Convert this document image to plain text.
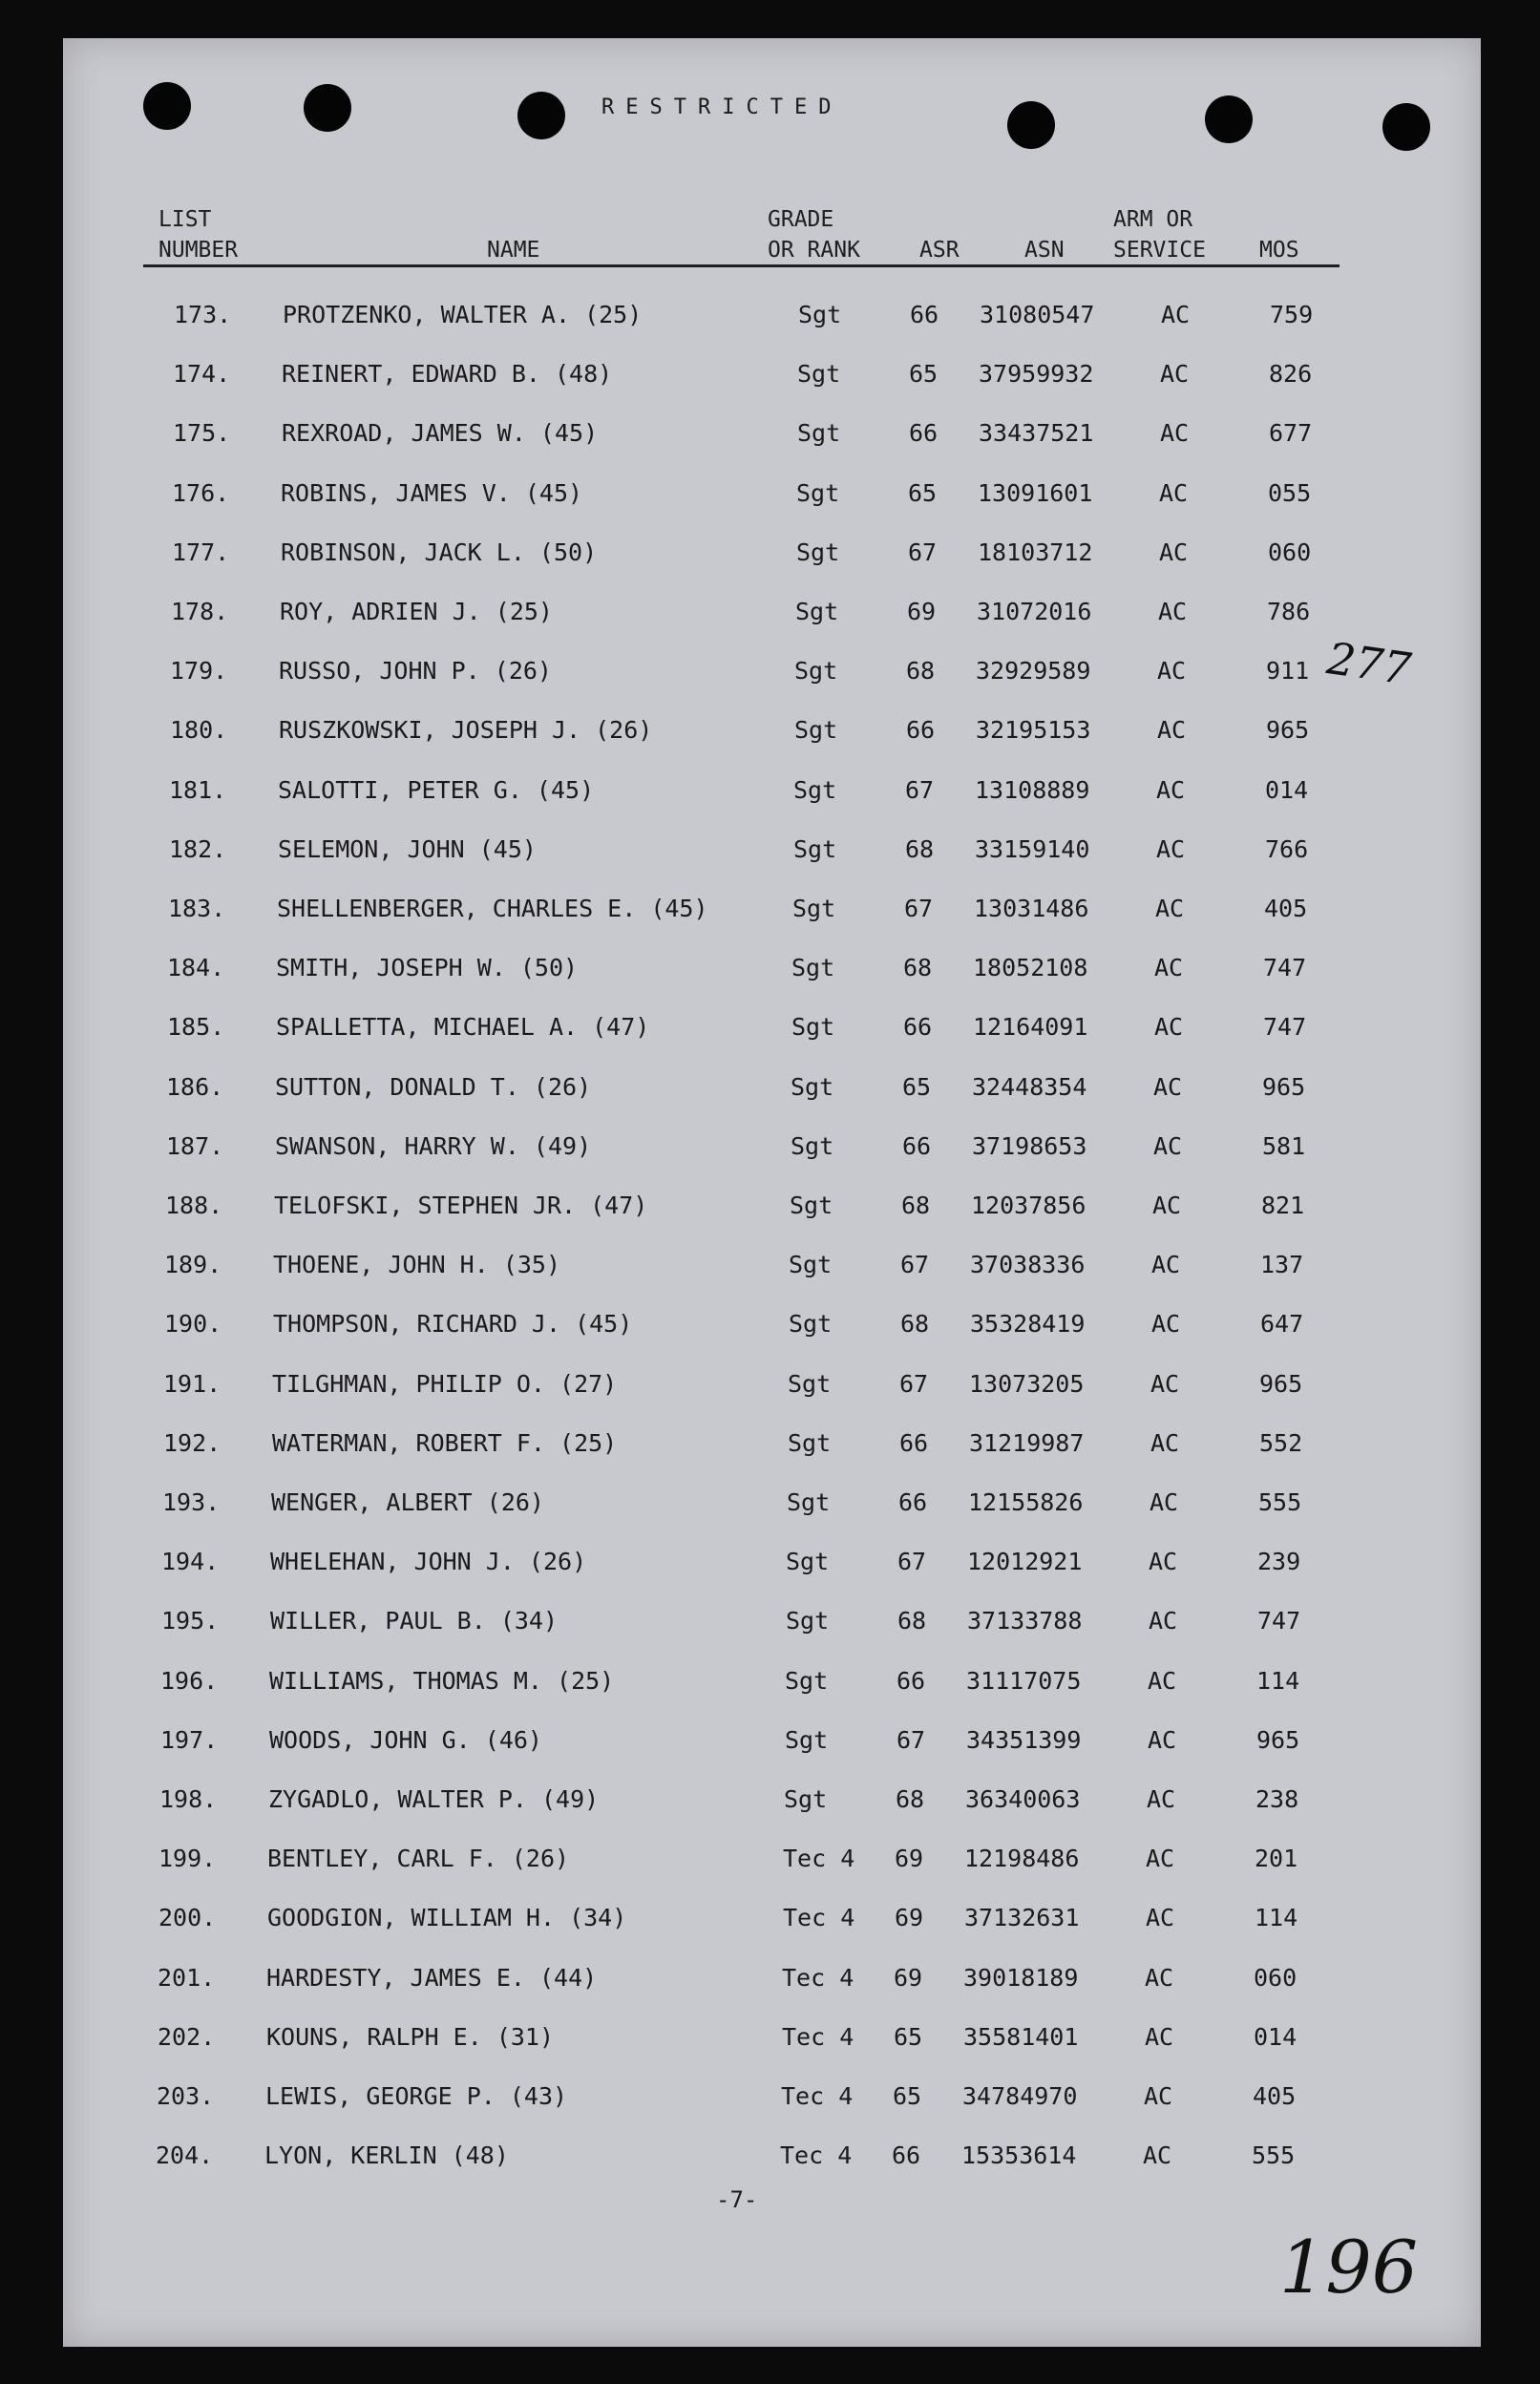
RESTRICTED
LIST
NUMBER	NAME
GRADE
OR RANK	ASR	ASN
ARM OR
SERVICE MOS
173. PROTZENKO, WALTER A. (25)	Sgt	66 31080547	AC	759
174. REINERT, EDWARD B. (48)	Sgt	65 37959932	AC	826
175. REXROAD, JAMES W. (45)	Sgt	66 33437521	AC	677
176. ROBINS, JAMES V. (45)	Sgt	65 13091601	AC	055
177. ROBINSON, JACK L. (50)	Sgt	67 18103712	AC	060
178. ROY, ADRIEN J. (25)	Sgt	69 31072016	AC	786
179. RUSSO, JOHN P. (26)	Sgt	68 32929589	AC	911
180. RUSZKOWSKI, JOSEPH J. (26)	Sgt	66 32195153	AC	965
181. SALOTTI, PETER G. (45)	Sgt	67 13108889	AC	014
182. SELEMON, JOHN (45)	Sgt	68 33159140	AC	766
183. SHELLENBERGER, CHARLES E. (45)	Sgt	67 13031486	AC	405
184. SMITH, JOSEPH W. (50)	Sgt	68 18052108	AC	747
185. SPALLETTA, MICHAEL A. (47)	Sgt	66 12164091	AC	747
186. SUTTON, DONALD T. (26)	Sgt	65 32448354	AC	965
187. SWANSON, HARRY W. (49)	Sgt	66 37198653	AC	581
188. TELOFSKI, STEPHEN JR. (47)	Sgt	68 12037856	AC	821
189. THOENE, JOHN H. (35)	Sgt	67 37038336	AC	137
190. THOMPSON, RICHARD J. (45)	Sgt	68 35328419	AC	647
191. TILGHMAN, PHILIP O. (27)	Sgt	67 13073205	AC	965
192. WATERMAN, ROBERT F. (25)	Sgt	66 31219987	AC	552
193. WENGER, ALBERT (26)	Sgt	66 12155826	AC	555
194. WHELEHAN, JOHN J. (26)	Sgt	67 12012921	AC	239
195. WILLER, PAUL B. (34)	Sgt	68 37133788	AC	747
196. WILLIAMS, THOMAS M. (25)	Sgt	66 31117075	AC	114
197. WOODS, JOHN G. (46)	Sgt	67 34351399	AC	965
198. ZYGADLO, WALTER P. (49)	Sgt	68 36340063	AC	238
199. BENTLEY, CARL F. (26)	Tec 4 69 12198486	AC	201
200. GOODGION, WILLIAM H. (34)	Tec 4 69 37132631	AC	114
201. HARDESTY, JAMES E. (44)	Tec 4 69 39018189	AC	060
202. KOUNS, RALPH E. (31)	Tec 4 65 35581401	AC	014
203. LEWIS, GEORGE P. (43)	Tec 4 65 34784970	AC	405
204. LYON, KERLIN (48)	Tec 4 66 15353614	AC	555
277
196
-7-
